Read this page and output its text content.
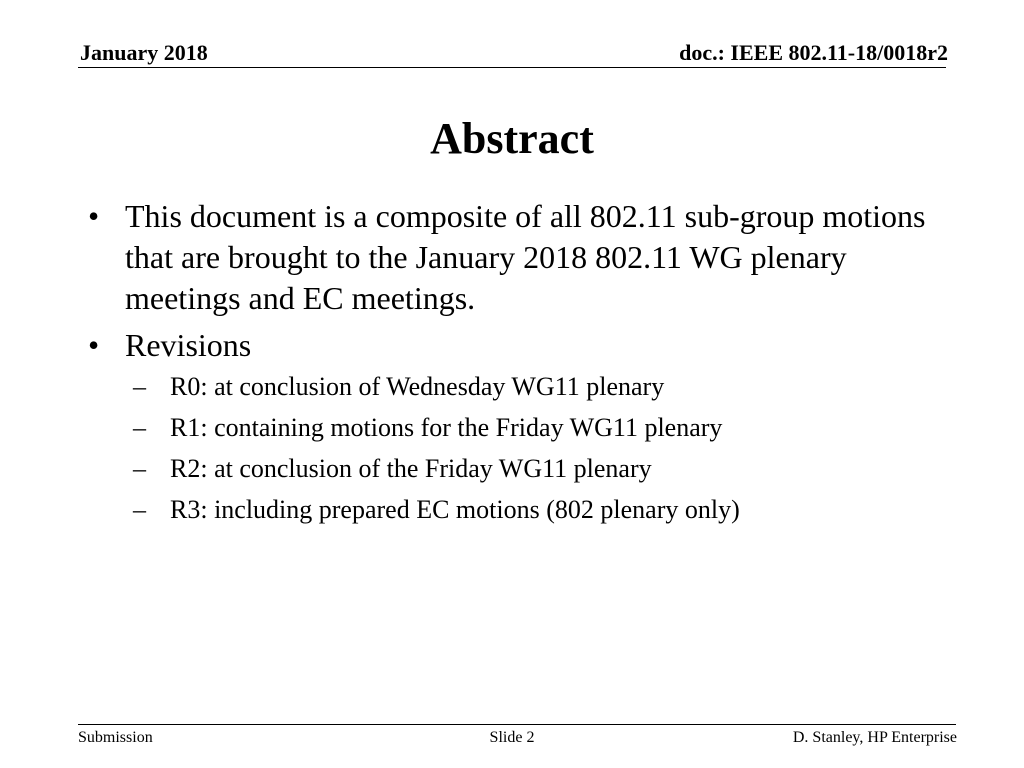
January 2018	doc.: IEEE 802.11-18/0018r2
Abstract
• This document is a composite of all 802.11 sub-group motions that are brought to the January 2018 802.11 WG plenary meetings and EC meetings.
• Revisions
– R0: at conclusion of Wednesday WG11 plenary
– R1: containing motions for the Friday WG11 plenary
– R2: at conclusion of the Friday WG11 plenary
– R3: including prepared EC motions (802 plenary only)
Submission	Slide 2	D. Stanley, HP Enterprise
